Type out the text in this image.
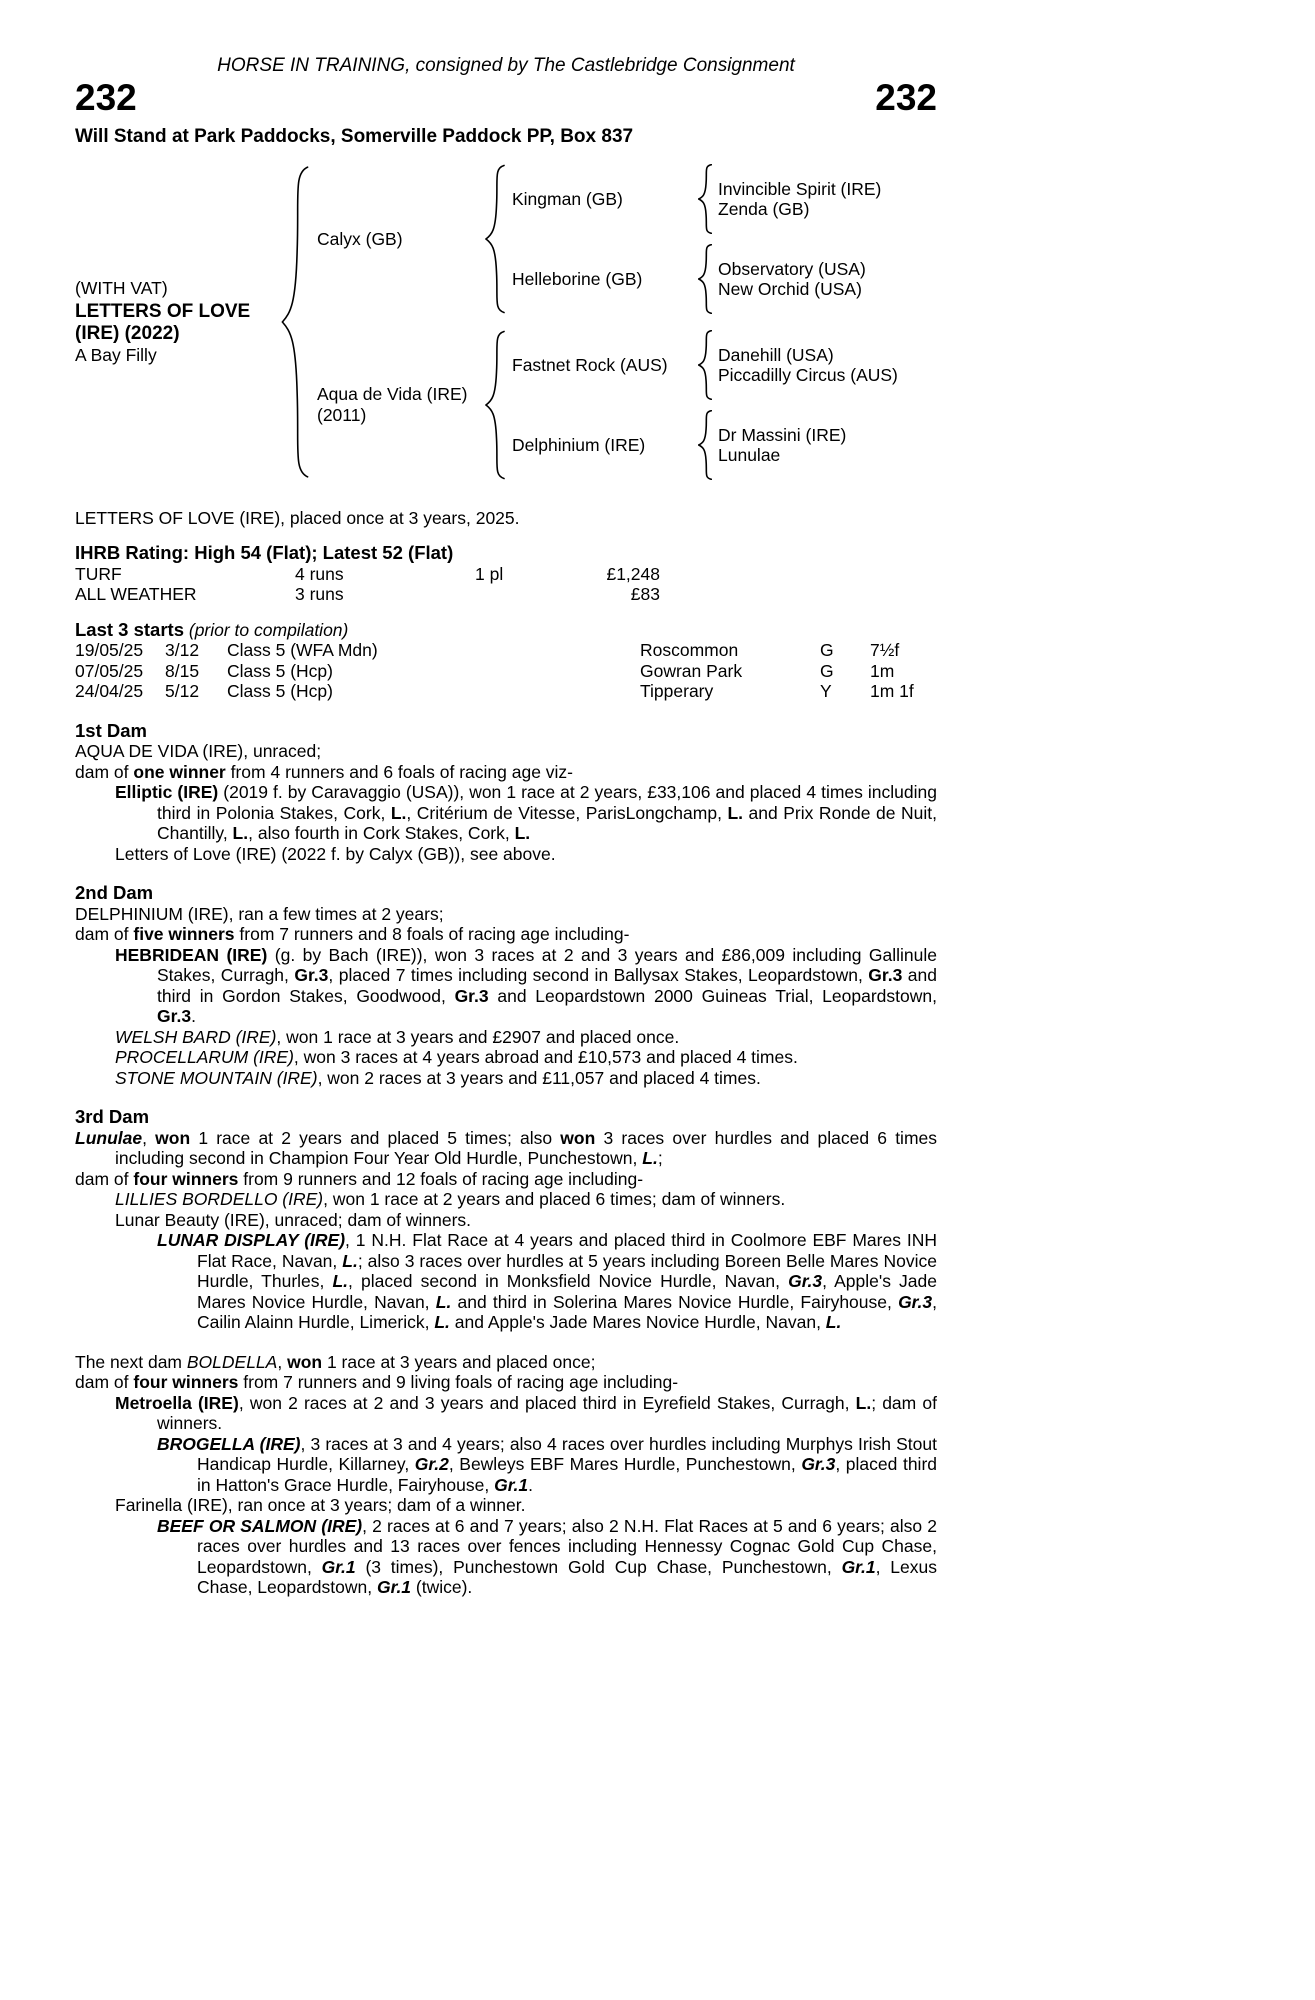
HORSE IN TRAINING, consigned by The Castlebridge Consignment

232	232

Will Stand at Park Paddocks, Somerville Paddock PP, Box 837

(WITH VAT)
LETTERS OF LOVE
(IRE) (2022)
A Bay Filly
Calyx (GB)
Kingman (GB)	Invincible Spirit (IRE)
Zenda (GB)
Helleborine (GB)	Observatory (USA)
New Orchid (USA)
Aqua de Vida (IRE)
(2011)
Fastnet Rock (AUS)	Danehill (USA)
Piccadilly Circus (AUS)
Delphinium (IRE)	Dr Massini (IRE)
Lunulae

LETTERS OF LOVE (IRE), placed once at 3 years, 2025.

IHRB Rating: High 54 (Flat); Latest 52 (Flat)

TURF	4 runs	1 pl	£1,248
ALL WEATHER	3 runs	£83

Last 3 starts (prior to compilation)

19/05/25	3/12	Class 5 (WFA Mdn)	Roscommon	G	7½f
07/05/25	8/15	Class 5 (Hcp)	Gowran Park	G	1m
24/04/25	5/12	Class 5 (Hcp)	Tipperary	Y	1m 1f

1st Dam

AQUA DE VIDA (IRE), unraced;

dam of one winner from 4 runners and 6 foals of racing age viz-

Elliptic (IRE) (2019 f. by Caravaggio (USA)), won 1 race at 2 years, £33,106 and placed 4 times including third in Polonia Stakes, Cork, L., Critérium de Vitesse, ParisLongchamp, L. and Prix Ronde de Nuit, Chantilly, L., also fourth in Cork Stakes, Cork, L.

Letters of Love (IRE) (2022 f. by Calyx (GB)), see above.

2nd Dam

DELPHINIUM (IRE), ran a few times at 2 years;

dam of five winners from 7 runners and 8 foals of racing age including-

HEBRIDEAN (IRE) (g. by Bach (IRE)), won 3 races at 2 and 3 years and £86,009 including Gallinule Stakes, Curragh, Gr.3, placed 7 times including second in Ballysax Stakes, Leopardstown, Gr.3 and third in Gordon Stakes, Goodwood, Gr.3 and Leopardstown 2000 Guineas Trial, Leopardstown, Gr.3.

WELSH BARD (IRE), won 1 race at 3 years and £2907 and placed once.

PROCELLARUM (IRE), won 3 races at 4 years abroad and £10,573 and placed 4 times.

STONE MOUNTAIN (IRE), won 2 races at 3 years and £11,057 and placed 4 times.

3rd Dam

Lunulae, won 1 race at 2 years and placed 5 times; also won 3 races over hurdles and placed 6 times including second in Champion Four Year Old Hurdle, Punchestown, L.;

dam of four winners from 9 runners and 12 foals of racing age including-

LILLIES BORDELLO (IRE), won 1 race at 2 years and placed 6 times; dam of winners.

Lunar Beauty (IRE), unraced; dam of winners.

LUNAR DISPLAY (IRE), 1 N.H. Flat Race at 4 years and placed third in Coolmore EBF Mares INH Flat Race, Navan, L.; also 3 races over hurdles at 5 years including Boreen Belle Mares Novice Hurdle, Thurles, L., placed second in Monksfield Novice Hurdle, Navan, Gr.3, Apple's Jade Mares Novice Hurdle, Navan, L. and third in Solerina Mares Novice Hurdle, Fairyhouse, Gr.3, Cailin Alainn Hurdle, Limerick, L. and Apple's Jade Mares Novice Hurdle, Navan, L.

The next dam BOLDELLA, won 1 race at 3 years and placed once;

dam of four winners from 7 runners and 9 living foals of racing age including-

Metroella (IRE), won 2 races at 2 and 3 years and placed third in Eyrefield Stakes, Curragh, L.; dam of winners.

BROGELLA (IRE), 3 races at 3 and 4 years; also 4 races over hurdles including Murphys Irish Stout Handicap Hurdle, Killarney, Gr.2, Bewleys EBF Mares Hurdle, Punchestown, Gr.3, placed third in Hatton's Grace Hurdle, Fairyhouse, Gr.1.

Farinella (IRE), ran once at 3 years; dam of a winner.

BEEF OR SALMON (IRE), 2 races at 6 and 7 years; also 2 N.H. Flat Races at 5 and 6 years; also 2 races over hurdles and 13 races over fences including Hennessy Cognac Gold Cup Chase, Leopardstown, Gr.1 (3 times), Punchestown Gold Cup Chase, Punchestown, Gr.1, Lexus Chase, Leopardstown, Gr.1 (twice).
